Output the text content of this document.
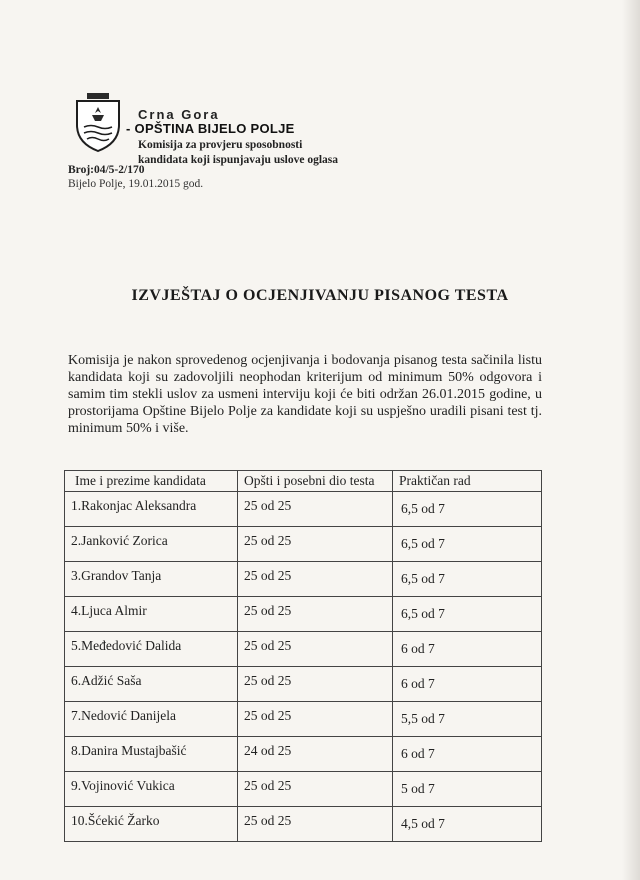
Crna Gora
- OPŠTINA BIJELO POLJE
Komisija za provjeru sposobnosti
kandidata koji ispunjavaju uslove oglasa
Broj:04/5-2/170
Bijelo Polje, 19.01.2015 god.
IZVJEŠTAJ O OCJENJIVANJU PISANOG TESTA
Komisija je nakon sprovedenog ocjenjivanja i bodovanja pisanog testa sačinila listu kandidata koji su zadovoljili neophodan kriterijum od minimum 50% odgovora i samim tim stekli uslov za usmeni interviju koji će biti održan 26.01.2015 godine, u prostorijama Opštine Bijelo Polje za kandidate koji su uspješno uradili pisani test tj. minimum 50% i više.
Ime i prezime kandidata	Opšti i posebni dio testa	Praktičan rad
1.Rakonjac Aleksandra	25 od 25	6,5 od 7
2.Janković Zorica	25 od 25	6,5 od 7
3.Grandov Tanja	25 od 25	6,5 od 7
4.Ljuca Almir	25 od 25	6,5 od 7
5.Međedović Dalida	25 od 25	6 od 7
6.Adžić Saša	25 od 25	6 od 7
7.Nedović Danijela	25 od 25	5,5 od 7
8.Danira Mustajbašić	24 od 25	6 od 7
9.Vojinović Vukica	25 od 25	5 od 7
10.Šćekić Žarko	25 od 25	4,5 od 7
